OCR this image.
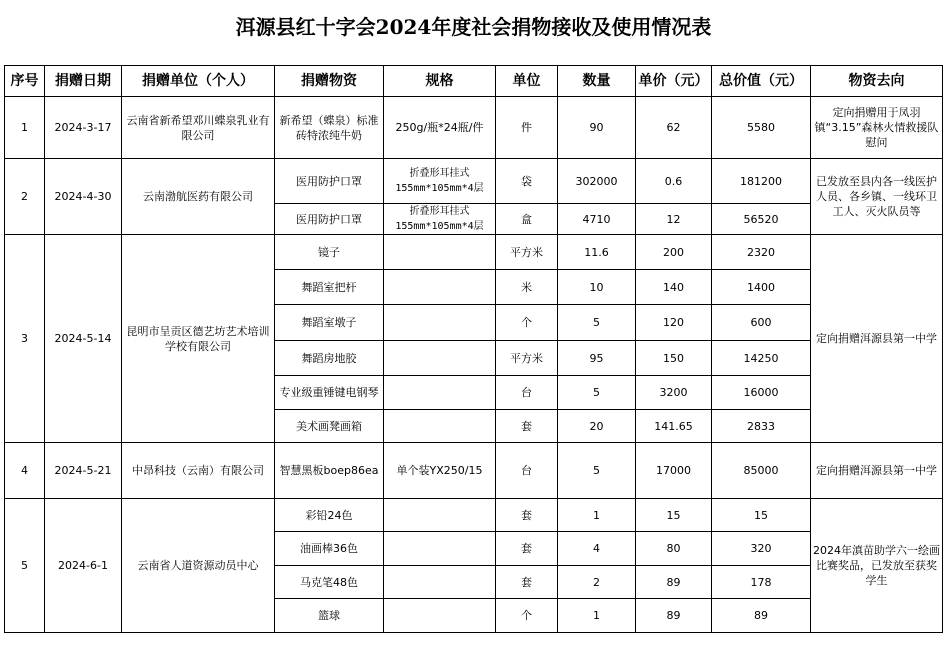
洱源县红十字会2024年度社会捐物接收及使用情况表
序号	捐赠日期	捐赠单位（个人）	捐赠物资	规格	单位	数量	单价（元）	总价值（元）	物资去向
1	2024-3-17	云南省新希望邓川蝶泉乳业有限公司	新希望（蝶泉）标准砖特浓纯牛奶	250g/瓶*24瓶/件	件	90	62	5580	定向捐赠用于凤羽镇“3.15”森林火情救援队慰问
2	2024-4-30	云南渤航医药有限公司	医用防护口罩	折叠形耳挂式155mm*105mm*4层	袋	302000	0.6	181200	已发放至县内各一线医护人员、各乡镇、一线环卫工人、灭火队员等
			医用防护口罩	折叠形耳挂式155mm*105mm*4层	盒	4710	12	56520	
3	2024-5-14	昆明市呈贡区德艺坊艺术培训学校有限公司	镜子		平方米	11.6	200	2320	定向捐赠洱源县第一中学
			舞蹈室把杆		米	10	140	1400	
			舞蹈室墩子		个	5	120	600	
			舞蹈房地胶		平方米	95	150	14250	
			专业级重锤键电钢琴		台	5	3200	16000	
			美术画凳画箱		套	20	141.65	2833	
4	2024-5-21	中昂科技（云南）有限公司	智慧黑板boep86ea	单个装YX250/15	台	5	17000	85000	定向捐赠洱源县第一中学
5	2024-6-1	云南省人道资源动员中心	彩铅24色		套	1	15	15	2024年滇苗助学六一绘画比赛奖品，已发放至获奖学生
			油画棒36色		套	4	80	320	
			马克笔48色		套	2	89	178	
			篮球		个	1	89	89	
